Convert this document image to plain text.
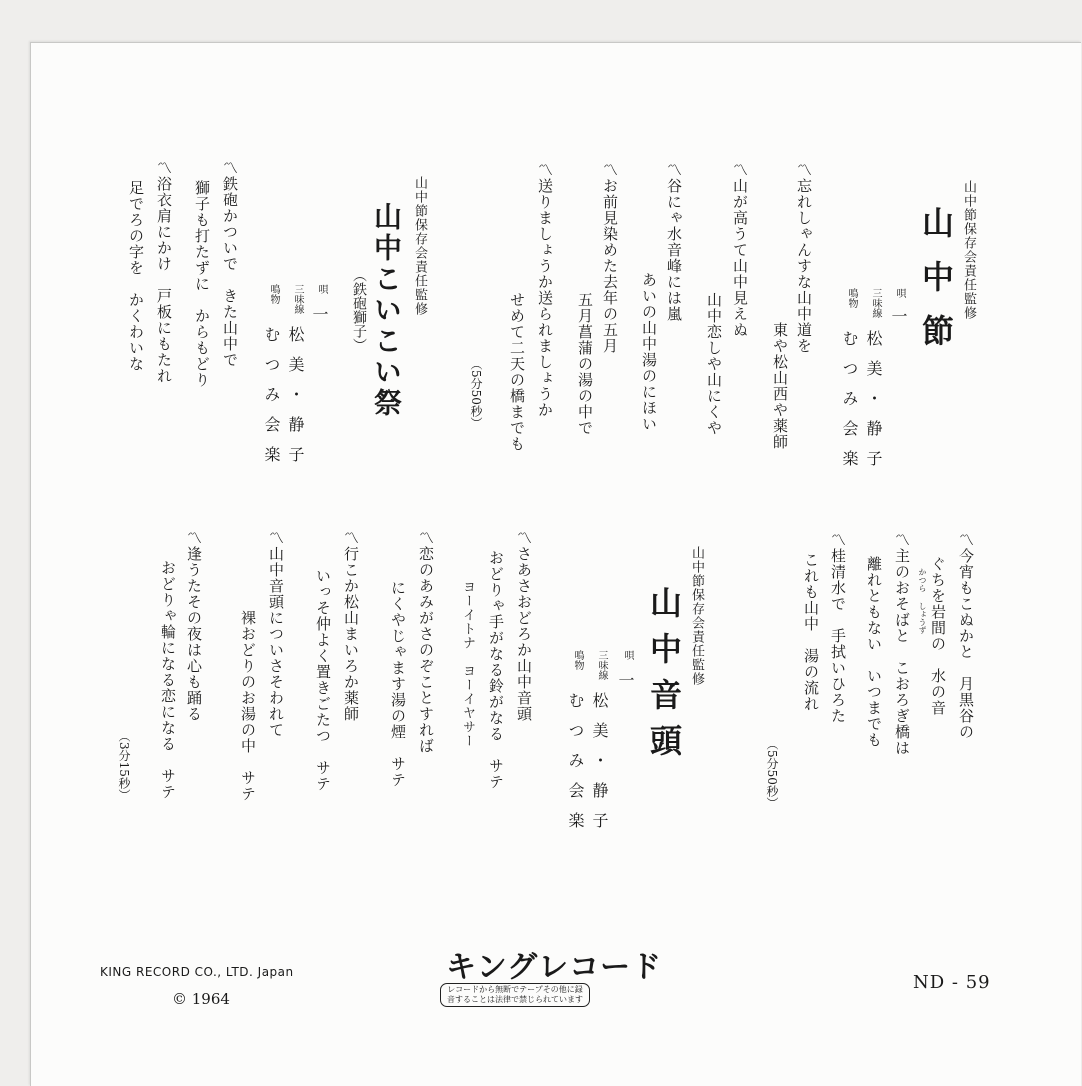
山中節保存会責任監修
山中節
唄
一
三味線
松美・静子
鳴物
むつみ会楽
〽忘れしゃんすな山中道を
東や松山西や薬師
〽山が高うて山中見えぬ
山中恋しや山にくや
〽谷にゃ水音峰には嵐
あいの山中湯のにほい
〽お前見染めた去年の五月
五月菖蒲の湯の中で
〽送りましょうか送られましょうか
せめて二天の橋までも
（5分50秒）
〽今宵もこぬかと　月黒谷の
ぐちを岩間の　水の音
〽主のおそばと　こおろぎ橋は
離れともない　いつまでも	かつら
しょうず
〽桂清水で　手拭いひろた
これも山中　湯の流れ
（5分50秒）
山中節保存会責任監修
山中こいこい祭
（鉄砲獅子）
唄
一
三味線
松美・静子
鳴物
むつみ会楽
〽鉄砲かついで　きた山中で
獅子も打たずに　からもどり
〽浴衣肩にかけ　戸板にもたれ
足でろの字を　かくわいな
山中節保存会責任監修
山中音頭
唄
一
三味線
松美・静子
鳴物
むつみ会楽
〽さあさおどろか山中音頭
おどりゃ手がなる鈴がなる　サテ
ヨーイトナ　ヨーイヤサー
〽恋のあみがさのぞことすれば
にくやじゃます湯の煙　サテ
〽行こか松山まいろか薬師
いっそ仲よく置きごたつ　サテ
〽山中音頭についさそわれて
裸おどりのお湯の中　サテ
〽逢うたその夜は心も踊る
おどりゃ輪になる恋になる　サテ
（3分15秒）
KING RECORD CO., LTD. Japan
© 1964
キングレコード
レコードから無断でテープその他に録
音することは法律で禁じられています
ND - 59
